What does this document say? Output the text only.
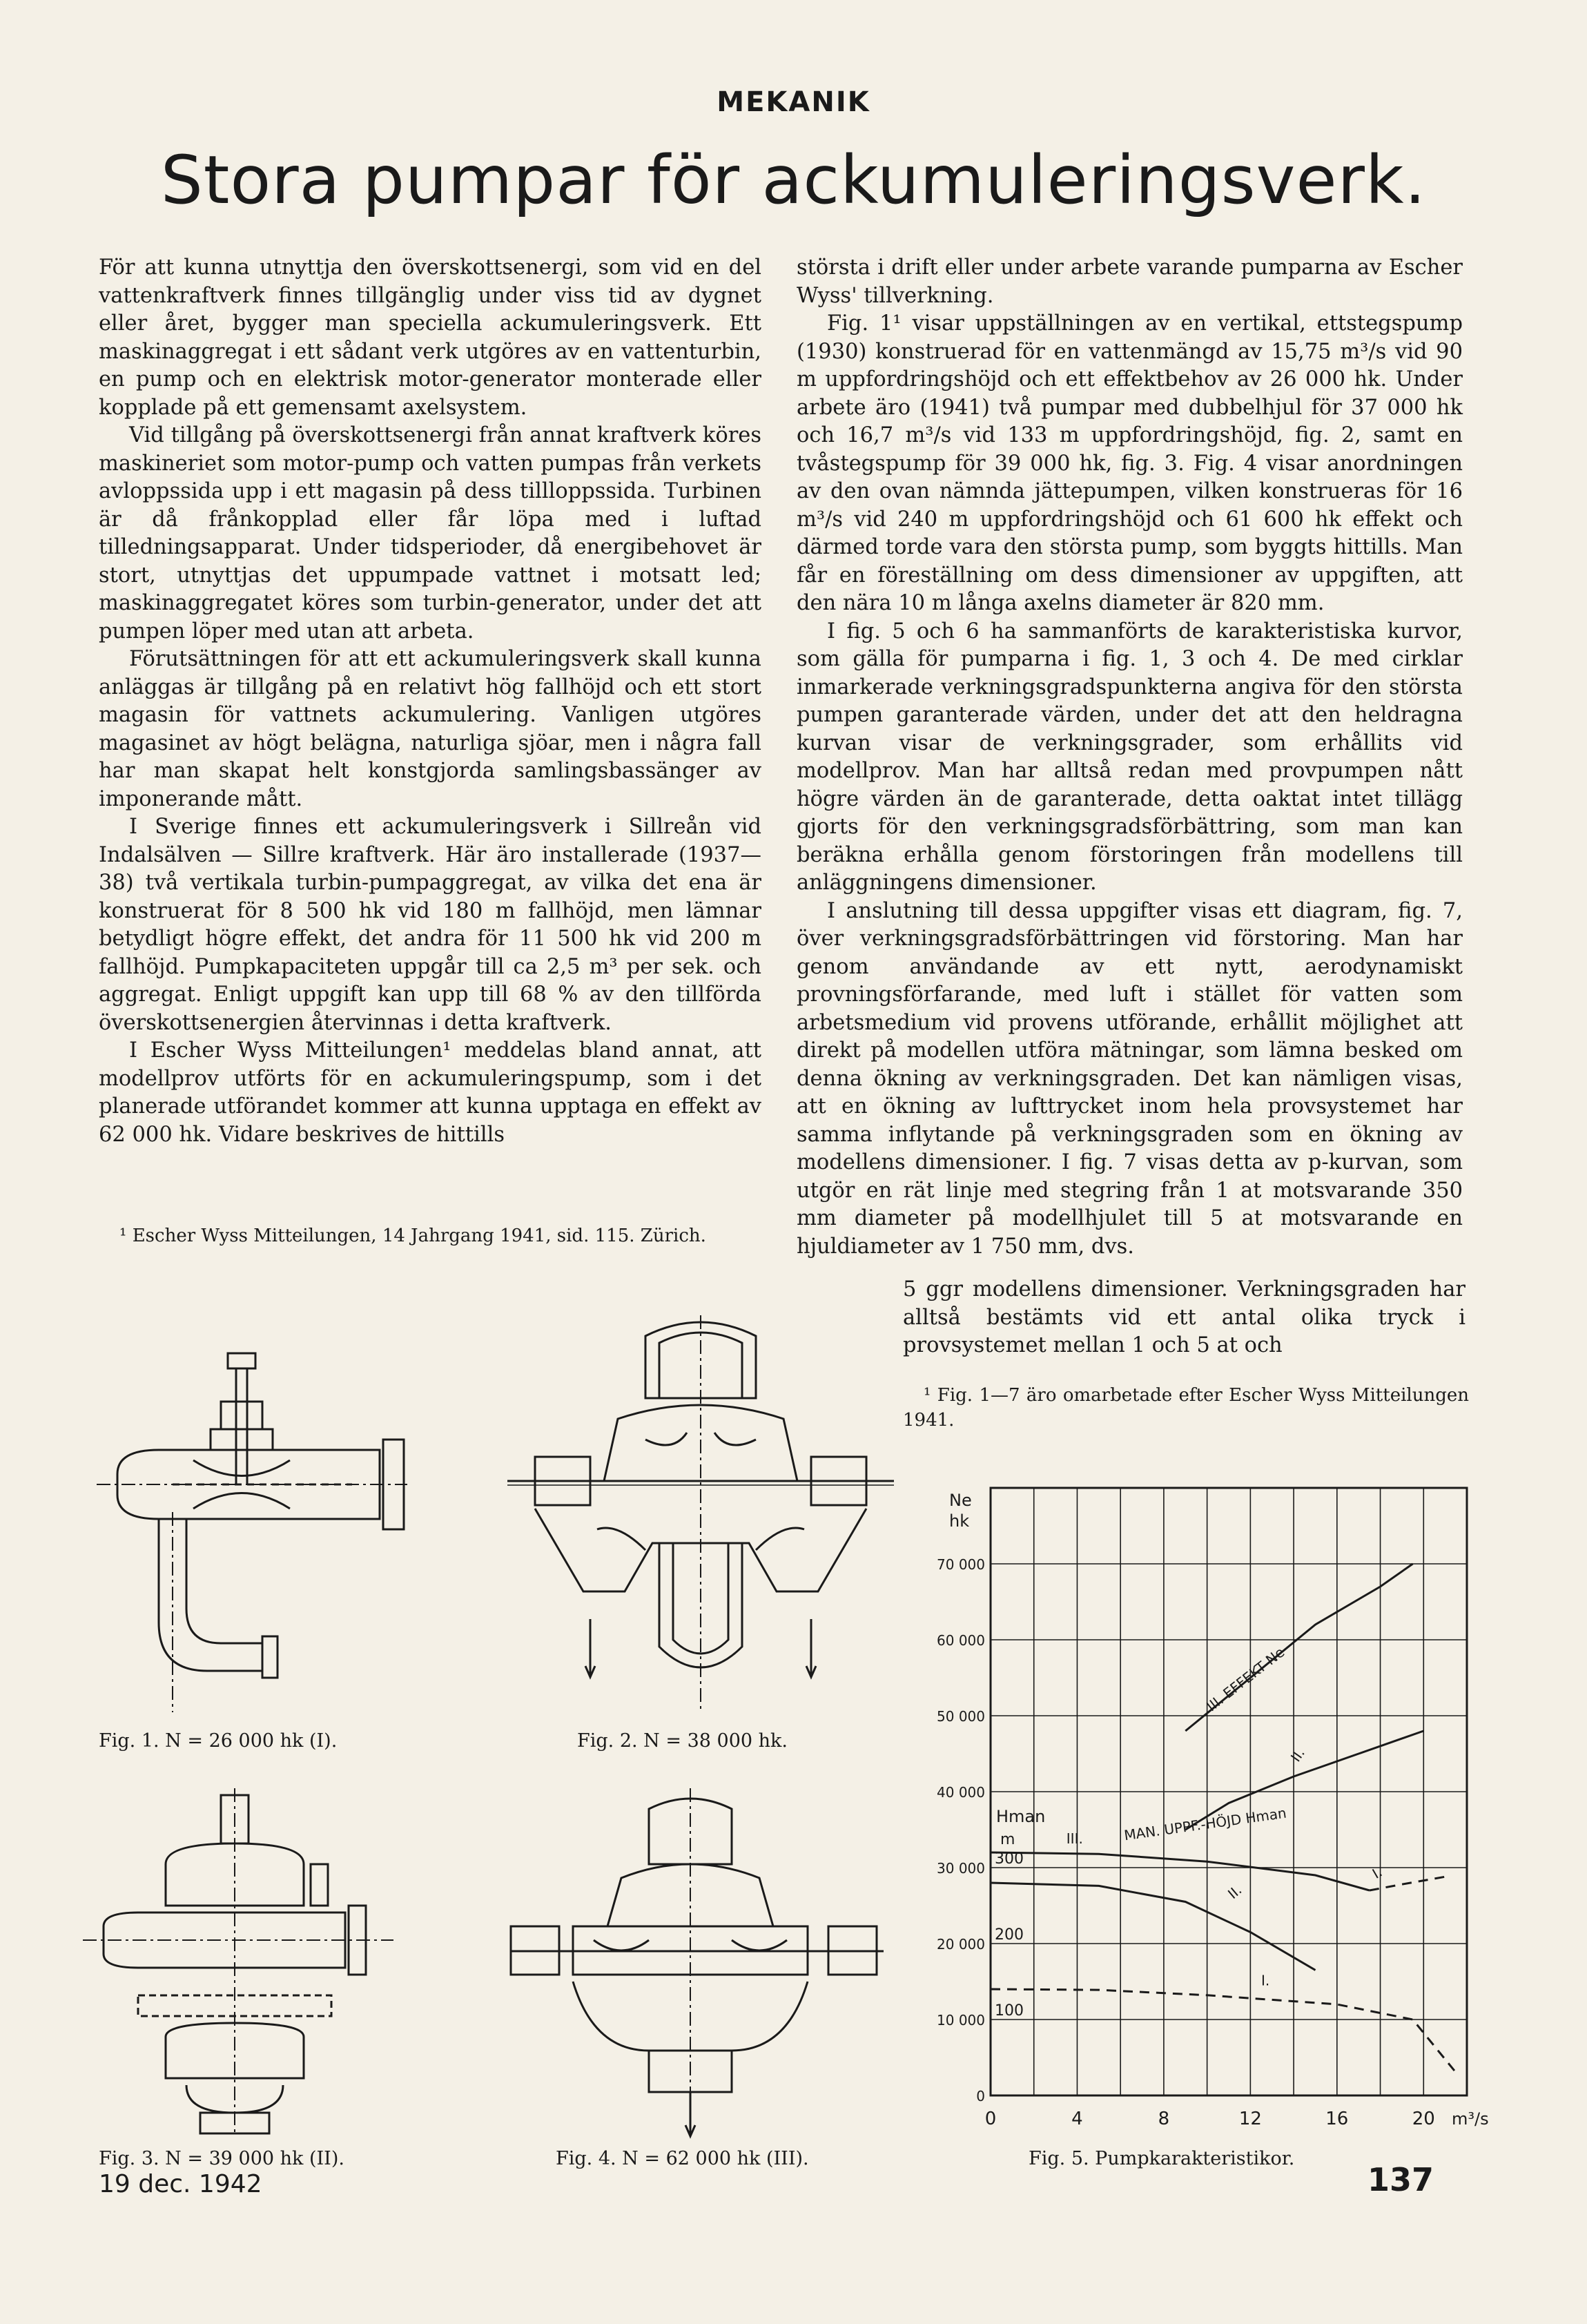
MEKANIK
Stora pumpar för ackumuleringsverk.

För att kunna utnyttja den överskottsenergi, som vid en del vattenkraftverk finnes tillgänglig under viss tid av dygnet eller året, bygger man speciella ackumuleringsverk. Ett maskinaggregat i ett sådant verk utgöres av en vattenturbin, en pump och en elektrisk motor-generator monterade eller kopplade på ett gemensamt axelsystem.

Vid tillgång på överskottsenergi från annat kraftverk köres maskineriet som motor-pump och vatten pumpas från verkets avloppssida upp i ett magasin på dess tillloppssida. Turbinen är då frånkopplad eller får löpa med i luftad tilledningsapparat. Under tidsperioder, då energibehovet är stort, utnyttjas det uppumpade vattnet i motsatt led; maskinaggregatet köres som turbin-generator, under det att pumpen löper med utan att arbeta.

Förutsättningen för att ett ackumuleringsverk skall kunna anläggas är tillgång på en relativt hög fallhöjd och ett stort magasin för vattnets ackumulering. Vanligen utgöres magasinet av högt belägna, naturliga sjöar, men i några fall har man skapat helt konstgjorda samlingsbassänger av imponerande mått.

I Sverige finnes ett ackumuleringsverk i Sillreån vid Indalsälven — Sillre kraftverk. Här äro installerade (1937—38) två vertikala turbin-pumpaggregat, av vilka det ena är konstruerat för 8 500 hk vid 180 m fallhöjd, men lämnar betydligt högre effekt, det andra för 11 500 hk vid 200 m fallhöjd. Pumpkapaciteten uppgår till ca 2,5 m³ per sek. och aggregat. Enligt uppgift kan upp till 68 % av den tillförda överskottsenergien återvinnas i detta kraftverk.

I Escher Wyss Mitteilungen¹ meddelas bland annat, att modellprov utförts för en ackumuleringspump, som i det planerade utförandet kommer att kunna upptaga en effekt av 62 000 hk. Vidare beskrives de hittills

¹ Escher Wyss Mitteilungen, 14 Jahrgang 1941, sid. 115. Zürich.

största i drift eller under arbete varande pumparna av Escher Wyss' tillverkning.

Fig. 1¹ visar uppställningen av en vertikal, ettstegspump (1930) konstruerad för en vattenmängd av 15,75 m³/s vid 90 m uppfordringshöjd och ett effektbehov av 26 000 hk. Under arbete äro (1941) två pumpar med dubbelhjul för 37 000 hk och 16,7 m³/s vid 133 m uppfordringshöjd, fig. 2, samt en tvåstegspump för 39 000 hk, fig. 3. Fig. 4 visar anordningen av den ovan nämnda jättepumpen, vilken konstrueras för 16 m³/s vid 240 m uppfordringshöjd och 61 600 hk effekt och därmed torde vara den största pump, som byggts hittills. Man får en föreställning om dess dimensioner av uppgiften, att den nära 10 m långa axelns diameter är 820 mm.

I fig. 5 och 6 ha sammanförts de karakteristiska kurvor, som gälla för pumparna i fig. 1, 3 och 4. De med cirklar inmarkerade verkningsgradspunkterna angiva för den största pumpen garanterade värden, under det att den heldragna kurvan visar de verkningsgrader, som erhållits vid modellprov. Man har alltså redan med provpumpen nått högre värden än de garanterade, detta oaktat intet tillägg gjorts för den verkningsgradsförbättring, som man kan beräkna erhålla genom förstoringen från modellens till anläggningens dimensioner.

I anslutning till dessa uppgifter visas ett diagram, fig. 7, över verkningsgradsförbättringen vid förstoring. Man har genom användande av ett nytt, aerodynamiskt provningsförfarande, med luft i stället för vatten som arbetsmedium vid provens utförande, erhållit möjlighet att direkt på modellen utföra mätningar, som lämna besked om denna ökning av verkningsgraden. Det kan nämligen visas, att en ökning av lufttrycket inom hela provsystemet har samma inflytande på verkningsgraden som en ökning av modellens dimensioner. I fig. 7 visas detta av p-kurvan, som utgör en rät linje med stegring från 1 at motsvarande 350 mm diameter på modellhjulet till 5 at motsvarande en hjuldiameter av 1 750 mm, dvs.

5 ggr modellens dimensioner. Verkningsgraden har alltså bestämts vid ett antal olika tryck i provsystemet mellan 1 och 5 at och

¹ Fig. 1—7 äro omarbetade efter Escher Wyss Mitteilungen 1941.

Fig. 1. N = 26 000 hk (I).	Fig. 2. N = 38 000 hk.
Fig. 3. N = 39 000 hk (II).	Fig. 4. N = 62 000 hk (III).
0
10 000
20 000
30 000
40 000
50 000
60 000
70 000
0	4	8	12	16	20 m³/s
Ne
hk
Hman
m
100
200
300
III. EFFEKT Ne
II.
III.	MAN. UPPF.-HÖJD Hman
I.
II.
I.
Fig. 5. Pumpkarakteristikor.
19 dec. 1942	137
